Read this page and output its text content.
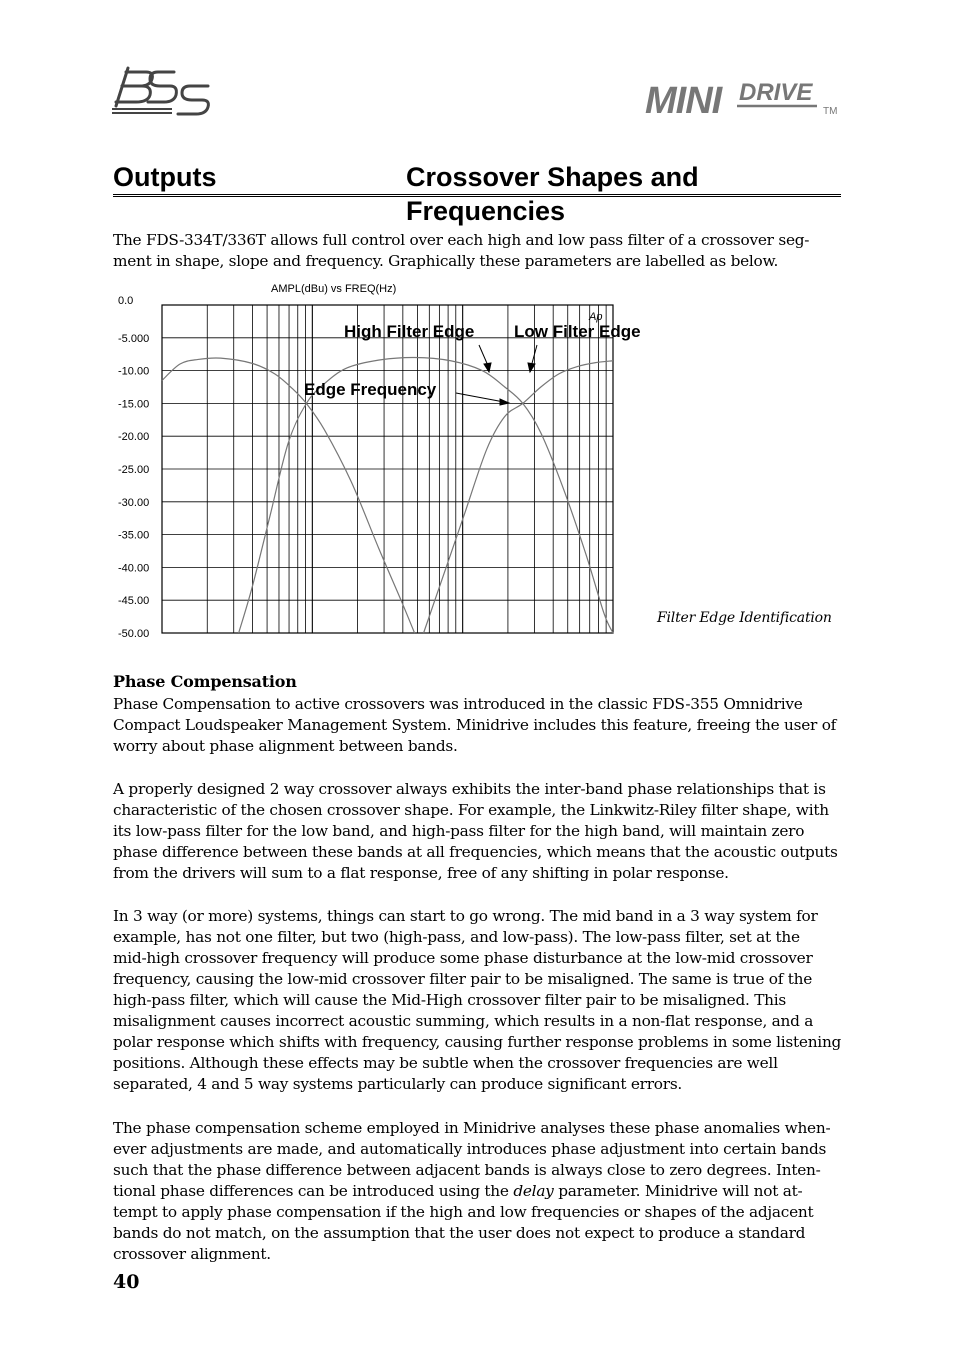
MINI DRIVE
TM
Outputs	Crossover Shapes and Frequencies
The FDS-334T/336T allows full control over each high and low pass filter of a crossover seg-
ment in shape, slope and frequency. Graphically these parameters are labelled as below.
AMPL(dBu) vs FREQ(Hz)
0.0
-5.000
-10.00
-15.00
-20.00
-25.00
-30.00
-35.00
-40.00
-45.00
-50.00
Ap
High Filter Edge Low Filter Edge
Edge Frequency
Filter Edge Identification
Phase Compensation
Phase Compensation to active crossovers was introduced in the classic FDS-355 Omnidrive
Compact Loudspeaker Management System. Minidrive includes this feature, freeing the user of
worry about phase alignment between bands.
A properly designed 2 way crossover always exhibits the inter-band phase relationships that is
characteristic of the chosen crossover shape. For example, the Linkwitz-Riley filter shape, with
its low-pass filter for the low band, and high-pass filter for the high band, will maintain zero
phase difference between these bands at all frequencies, which means that the acoustic outputs
from the drivers will sum to a flat response, free of any shifting in polar response.
In 3 way (or more) systems, things can start to go wrong. The mid band in a 3 way system for
example, has not one filter, but two (high-pass, and low-pass). The low-pass filter, set at the
mid-high crossover frequency will produce some phase disturbance at the low-mid crossover
frequency, causing the low-mid crossover filter pair to be misaligned. The same is true of the
high-pass filter, which will cause the Mid-High crossover filter pair to be misaligned. This
misalignment causes incorrect acoustic summing, which results in a non-flat response, and a
polar response which shifts with frequency, causing further response problems in some listening
positions. Although these effects may be subtle when the crossover frequencies are well
separated, 4 and 5 way systems particularly can produce significant errors.
The phase compensation scheme employed in Minidrive analyses these phase anomalies when-
ever adjustments are made, and automatically introduces phase adjustment into certain bands
such that the phase difference between adjacent bands is always close to zero degrees. Inten-
tional phase differences can be introduced using the delay parameter. Minidrive will not at-
tempt to apply phase compensation if the high and low frequencies or shapes of the adjacent
bands do not match, on the assumption that the user does not expect to produce a standard
crossover alignment.
40
